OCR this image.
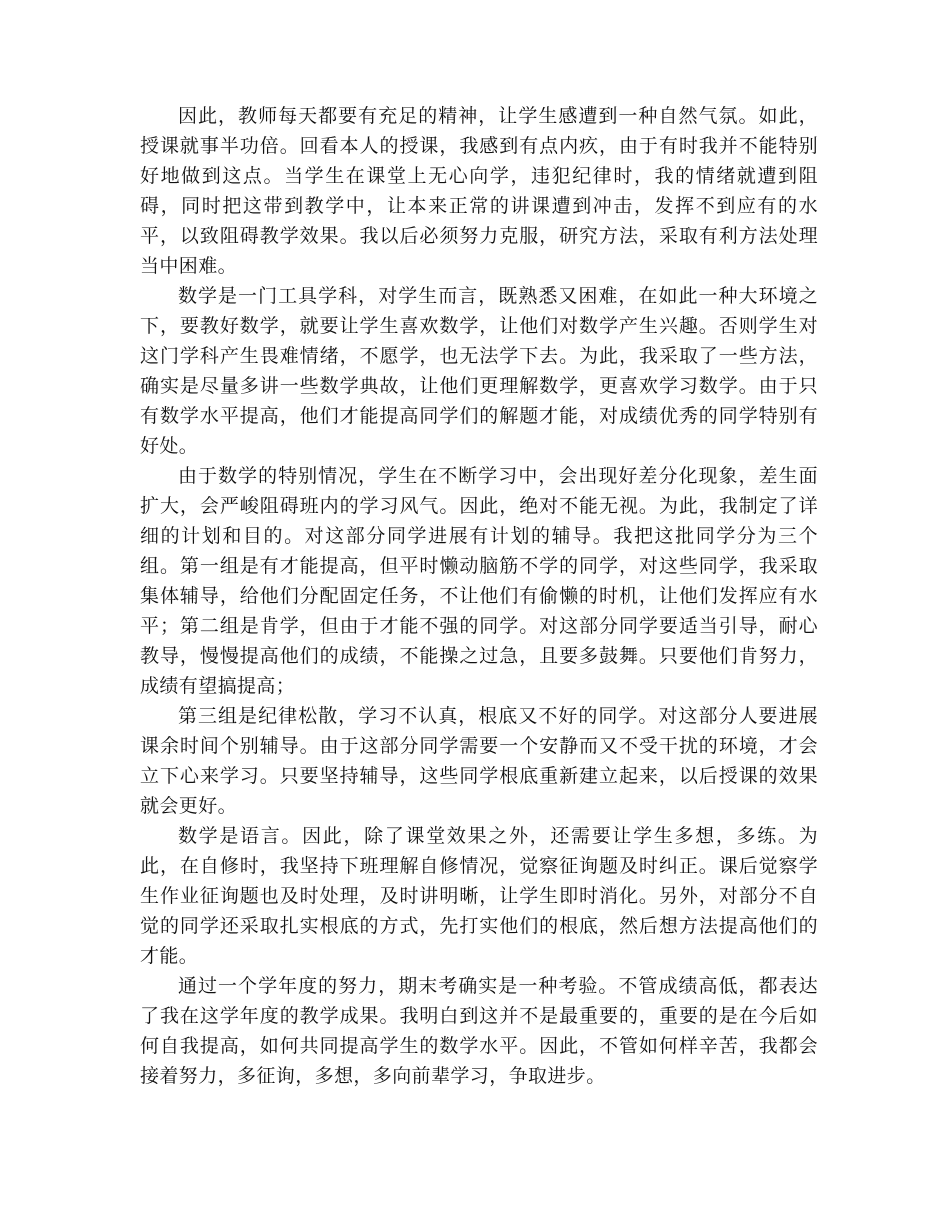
因此，教师每天都要有充足的精神，让学生感遭到一种自然气氛。如此，授课就事半功倍。回看本人的授课，我感到有点内疚，由于有时我并不能特别好地做到这点。当学生在课堂上无心向学，违犯纪律时，我的情绪就遭到阻碍，同时把这带到教学中，让本来正常的讲课遭到冲击，发挥不到应有的水平，以致阻碍教学效果。我以后必须努力克服，研究方法，采取有利方法处理当中困难。

数学是一门工具学科，对学生而言，既熟悉又困难，在如此一种大环境之下，要教好数学，就要让学生喜欢数学，让他们对数学产生兴趣。否则学生对这门学科产生畏难情绪，不愿学，也无法学下去。为此，我采取了一些方法，确实是尽量多讲一些数学典故，让他们更理解数学，更喜欢学习数学。由于只有数学水平提高，他们才能提高同学们的解题才能，对成绩优秀的同学特别有好处。

由于数学的特别情况，学生在不断学习中，会出现好差分化现象，差生面扩大，会严峻阻碍班内的学习风气。因此，绝对不能无视。为此，我制定了详细的计划和目的。对这部分同学进展有计划的辅导。我把这批同学分为三个组。第一组是有才能提高，但平时懒动脑筋不学的同学，对这些同学，我采取集体辅导，给他们分配固定任务，不让他们有偷懒的时机，让他们发挥应有水平；第二组是肯学，但由于才能不强的同学。对这部分同学要适当引导，耐心教导，慢慢提高他们的成绩，不能操之过急，且要多鼓舞。只要他们肯努力，成绩有望搞提高；

第三组是纪律松散，学习不认真，根底又不好的同学。对这部分人要进展课余时间个别辅导。由于这部分同学需要一个安静而又不受干扰的环境，才会立下心来学习。只要坚持辅导，这些同学根底重新建立起来，以后授课的效果就会更好。

数学是语言。因此，除了课堂效果之外，还需要让学生多想，多练。为此，在自修时，我坚持下班理解自修情况，觉察征询题及时纠正。课后觉察学生作业征询题也及时处理，及时讲明晰，让学生即时消化。另外，对部分不自觉的同学还采取扎实根底的方式，先打实他们的根底，然后想方法提高他们的才能。

通过一个学年度的努力，期末考确实是一种考验。不管成绩高低，都表达了我在这学年度的教学成果。我明白到这并不是最重要的，重要的是在今后如何自我提高，如何共同提高学生的数学水平。因此，不管如何样辛苦，我都会接着努力，多征询，多想，多向前辈学习，争取进步。
